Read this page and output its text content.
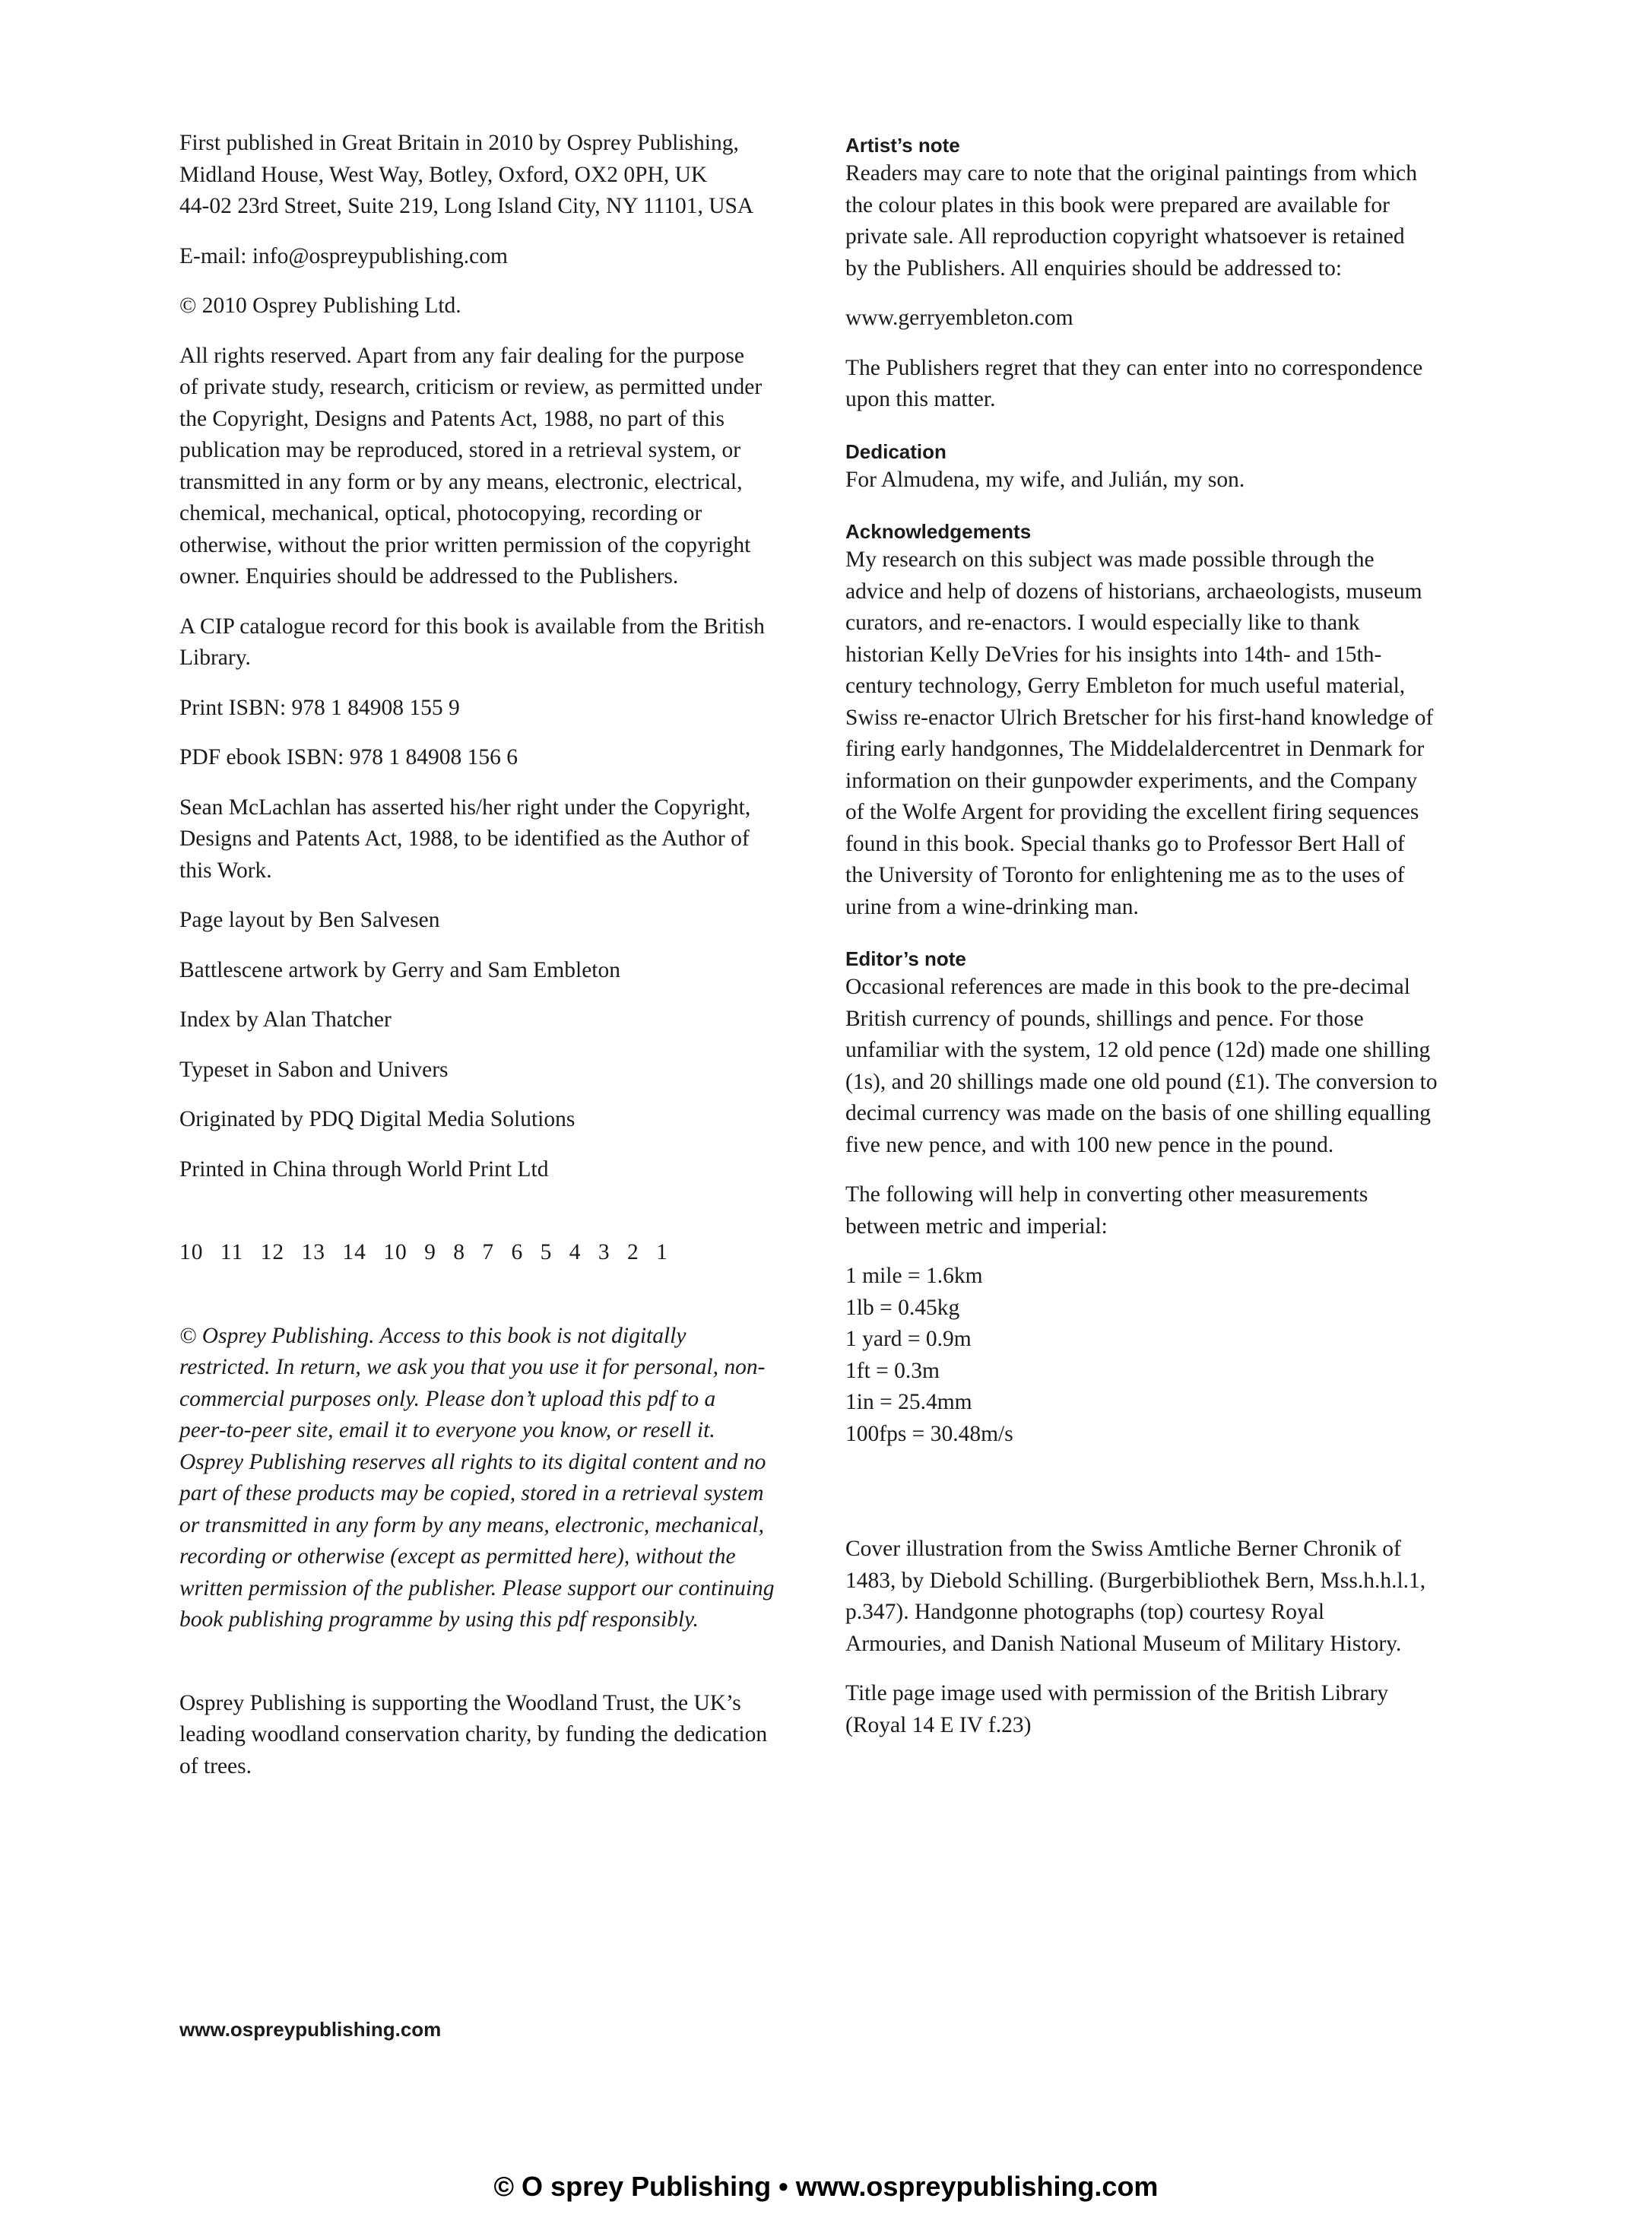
First published in Great Britain in 2010 by Osprey Publishing,
Midland House, West Way, Botley, Oxford, OX2 0PH, UK
44-02 23rd Street, Suite 219, Long Island City, NY 11101, USA

E-mail: info@ospreypublishing.com

© 2010 Osprey Publishing Ltd.

All rights reserved. Apart from any fair dealing for the purpose
of private study, research, criticism or review, as permitted under
the Copyright, Designs and Patents Act, 1988, no part of this
publication may be reproduced, stored in a retrieval system, or
transmitted in any form or by any means, electronic, electrical,
chemical, mechanical, optical, photocopying, recording or
otherwise, without the prior written permission of the copyright
owner. Enquiries should be addressed to the Publishers.

A CIP catalogue record for this book is available from the British
Library.

Print ISBN: 978 1 84908 155 9

PDF ebook ISBN: 978 1 84908 156 6

Sean McLachlan has asserted his/her right under the Copyright,
Designs and Patents Act, 1988, to be identified as the Author of
this Work.

Page layout by Ben Salvesen

Battlescene artwork by Gerry and Sam Embleton

Index by Alan Thatcher

Typeset in Sabon and Univers

Originated by PDQ Digital Media Solutions

Printed in China through World Print Ltd

10 11 12 13 14 10 9 8 7 6 5 4 3 2 1

© Osprey Publishing. Access to this book is not digitally
restricted. In return, we ask you that you use it for personal, non-
commercial purposes only. Please don’t upload this pdf to a
peer-to-peer site, email it to everyone you know, or resell it.
Osprey Publishing reserves all rights to its digital content and no
part of these products may be copied, stored in a retrieval system
or transmitted in any form by any means, electronic, mechanical,
recording or otherwise (except as permitted here), without the
written permission of the publisher. Please support our continuing
book publishing programme by using this pdf responsibly.

Osprey Publishing is supporting the Woodland Trust, the UK’s
leading woodland conservation charity, by funding the dedication
of trees.

Artist’s note

Readers may care to note that the original paintings from which
the colour plates in this book were prepared are available for
private sale. All reproduction copyright whatsoever is retained
by the Publishers. All enquiries should be addressed to:

www.gerryembleton.com

The Publishers regret that they can enter into no correspondence
upon this matter.

Dedication

For Almudena, my wife, and Julián, my son.

Acknowledgements

My research on this subject was made possible through the
advice and help of dozens of historians, archaeologists, museum
curators, and re-enactors. I would especially like to thank
historian Kelly DeVries for his insights into 14th- and 15th-
century technology, Gerry Embleton for much useful material,
Swiss re-enactor Ulrich Bretscher for his first-hand knowledge of
firing early handgonnes, The Middelaldercentret in Denmark for
information on their gunpowder experiments, and the Company
of the Wolfe Argent for providing the excellent firing sequences
found in this book. Special thanks go to Professor Bert Hall of
the University of Toronto for enlightening me as to the uses of
urine from a wine-drinking man.

Editor’s note

Occasional references are made in this book to the pre-decimal
British currency of pounds, shillings and pence. For those
unfamiliar with the system, 12 old pence (12d) made one shilling
(1s), and 20 shillings made one old pound (£1). The conversion to
decimal currency was made on the basis of one shilling equalling
five new pence, and with 100 new pence in the pound.

The following will help in converting other measurements
between metric and imperial:

1 mile = 1.6km

1lb = 0.45kg

1 yard = 0.9m

1ft = 0.3m

1in = 25.4mm

100fps = 30.48m/s

Cover illustration from the Swiss Amtliche Berner Chronik of
1483, by Diebold Schilling. (Burgerbibliothek Bern, Mss.h.h.l.1,
p.347). Handgonne photographs (top) courtesy Royal
Armouries, and Danish National Museum of Military History.

Title page image used with permission of the British Library
(Royal 14 E IV f.23)

www.ospreypublishing.com
© O sprey Publishing • www.ospreypublishing.com
